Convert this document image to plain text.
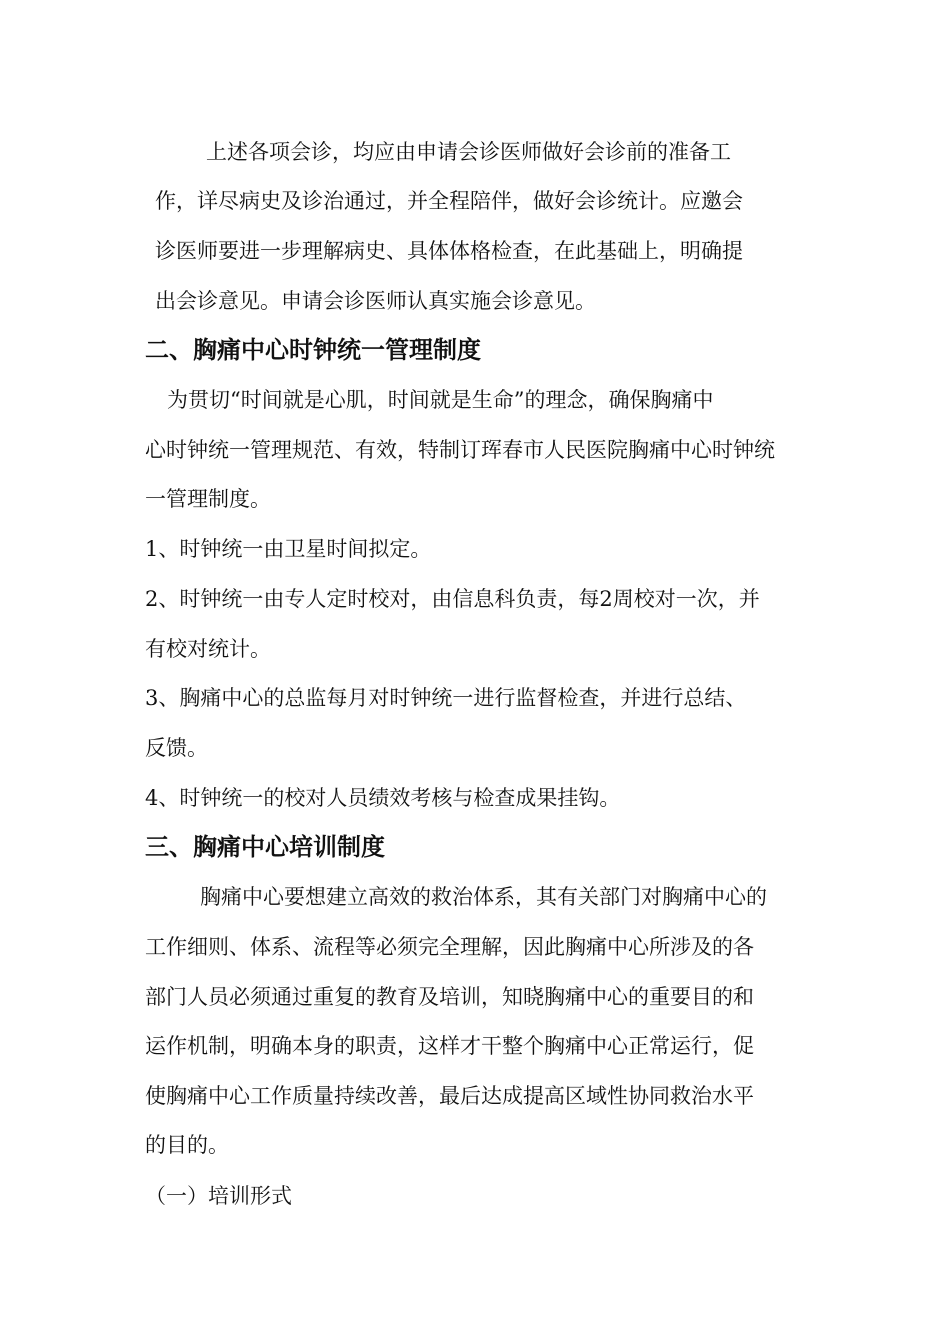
上述各项会诊，均应由申请会诊医师做好会诊前的准备工

作，详尽病史及诊治通过，并全程陪伴，做好会诊统计。应邀会

诊医师要进一步理解病史、具体体格检查，在此基础上，明确提

出会诊意见。申请会诊医师认真实施会诊意见。

二、胸痛中心时钟统一管理制度

为贯切“时间就是心肌，时间就是生命”的理念，确保胸痛中

心时钟统一管理规范、有效，特制订珲春市人民医院胸痛中心时钟统

一管理制度。

1、时钟统一由卫星时间拟定。

2、时钟统一由专人定时校对，由信息科负责，每2周校对一次，并

有校对统计。

3、胸痛中心的总监每月对时钟统一进行监督检查，并进行总结、

反馈。

4、时钟统一的校对人员绩效考核与检查成果挂钩。

三、胸痛中心培训制度

胸痛中心要想建立高效的救治体系，其有关部门对胸痛中心的

工作细则、体系、流程等必须完全理解，因此胸痛中心所涉及的各

部门人员必须通过重复的教育及培训，知晓胸痛中心的重要目的和

运作机制，明确本身的职责，这样才干整个胸痛中心正常运行，促

使胸痛中心工作质量持续改善，最后达成提高区域性协同救治水平

的目的。

（一）培训形式
